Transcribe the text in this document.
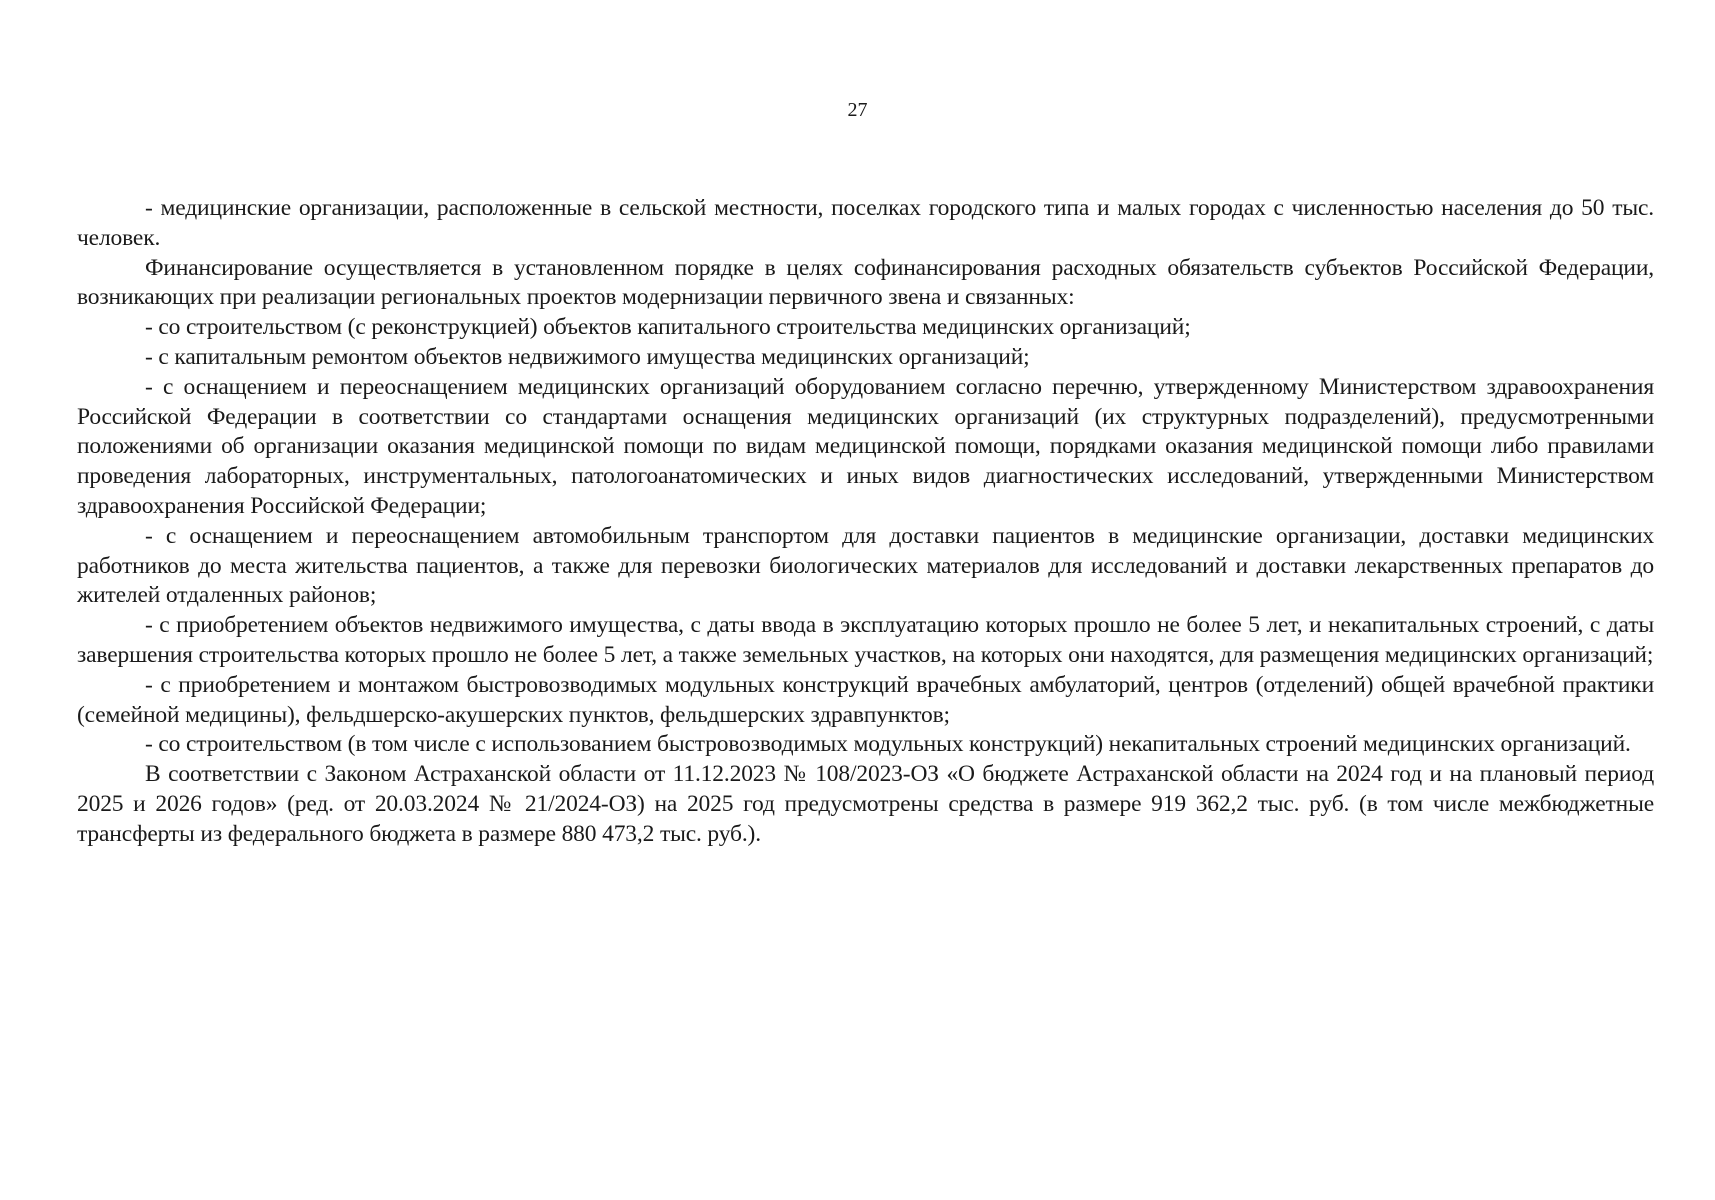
27

- медицинские организации, расположенные в сельской местности, поселках городского типа и малых городах с численностью населения до 50 тыс. человек.

Финансирование осуществляется в установленном порядке в целях софинансирования расходных обязательств субъектов Российской Федерации, возникающих при реализации региональных проектов модернизации первичного звена и связанных:

- со строительством (с реконструкцией) объектов капитального строительства медицинских организаций;

- с капитальным ремонтом объектов недвижимого имущества медицинских организаций;

- с оснащением и переоснащением медицинских организаций оборудованием согласно перечню, утвержденному Министерством здравоохранения Российской Федерации в соответствии со стандартами оснащения медицинских организаций (их структурных подразделений), предусмотренными положениями об организации оказания медицинской помощи по видам медицинской помощи, порядками оказания медицинской помощи либо правилами проведения лабораторных, инструментальных, патологоанатомических и иных видов диагностических исследований, утвержденными Министерством здравоохранения Российской Федерации;

- с оснащением и переоснащением автомобильным транспортом для доставки пациентов в медицинские организации, доставки медицинских работников до места жительства пациентов, а также для перевозки биологических материалов для исследований и доставки лекарственных препаратов до жителей отдаленных районов;

- с приобретением объектов недвижимого имущества, с даты ввода в эксплуатацию которых прошло не более 5 лет, и некапитальных строений, с даты завершения строительства которых прошло не более 5 лет, а также земельных участков, на которых они находятся, для размещения медицинских организаций;

- с приобретением и монтажом быстровозводимых модульных конструкций врачебных амбулаторий, центров (отделений) общей врачебной практики (семейной медицины), фельдшерско-акушерских пунктов, фельдшерских здравпунктов;

- со строительством (в том числе с использованием быстровозводимых модульных конструкций) некапитальных строений медицинских организаций.

В соответствии с Законом Астраханской области от 11.12.2023 № 108/2023-ОЗ «О бюджете Астраханской области на 2024 год и на плановый период 2025 и 2026 годов» (ред. от 20.03.2024 № 21/2024-ОЗ) на 2025 год предусмотрены средства в размере 919 362,2 тыс. руб. (в том числе межбюджетные трансферты из федерального бюджета в размере 880 473,2 тыс. руб.).
